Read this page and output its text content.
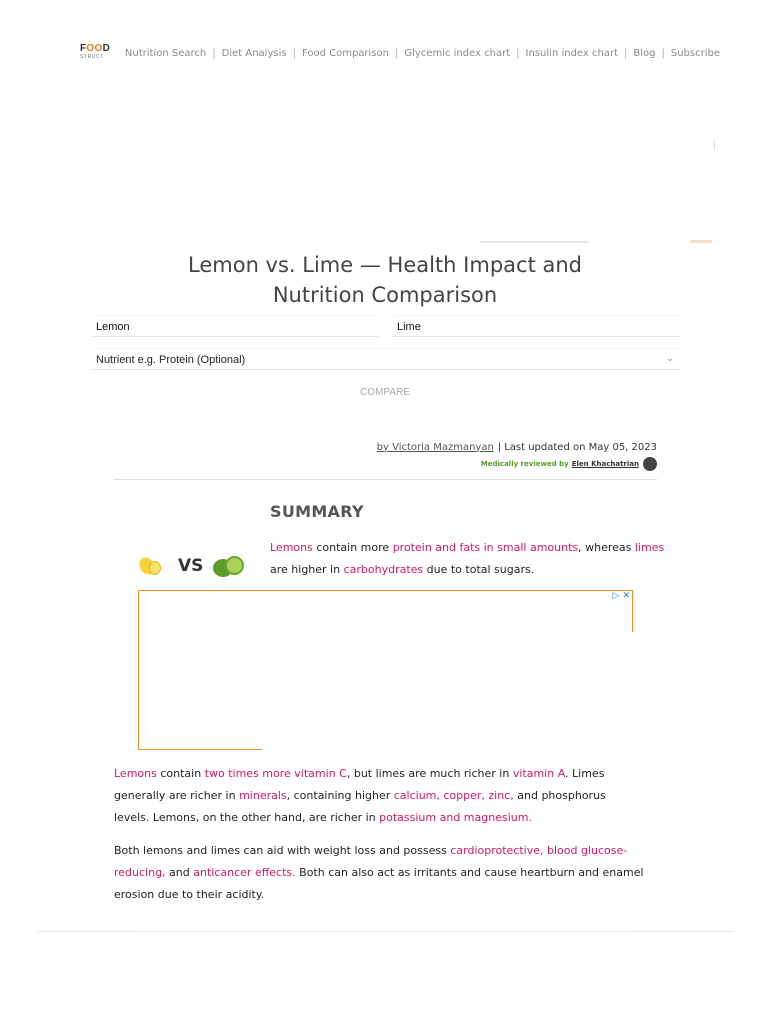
FOOD
STRUCT	Nutrition Search | Diet Analysis | Food Comparison | Glycemic index chart | Insulin index chart | Blog | Subscribe
Lemon vs. Lime — Health Impact and
Nutrition Comparison
Lemon	Lime
Nutrient e.g. Protein (Optional)	⌄
COMPARE
by Victoria Mazmanyan | Last updated on May 05, 2023
Medically reviewed by Elen Khachatrian
SUMMARY
VS

Lemons contain more protein and fats in small amounts, whereas limes are higher in carbohydrates due to total sugars.

▷ ✕

Lemons contain two times more vitamin C, but limes are much richer in vitamin A. Limes generally are richer in minerals, containing higher calcium, copper, zinc, and phosphorus levels. Lemons, on the other hand, are richer in potassium and magnesium.

Both lemons and limes can aid with weight loss and possess cardioprotective, blood glucose-reducing, and anticancer effects. Both can also act as irritants and cause heartburn and enamel erosion due to their acidity.
